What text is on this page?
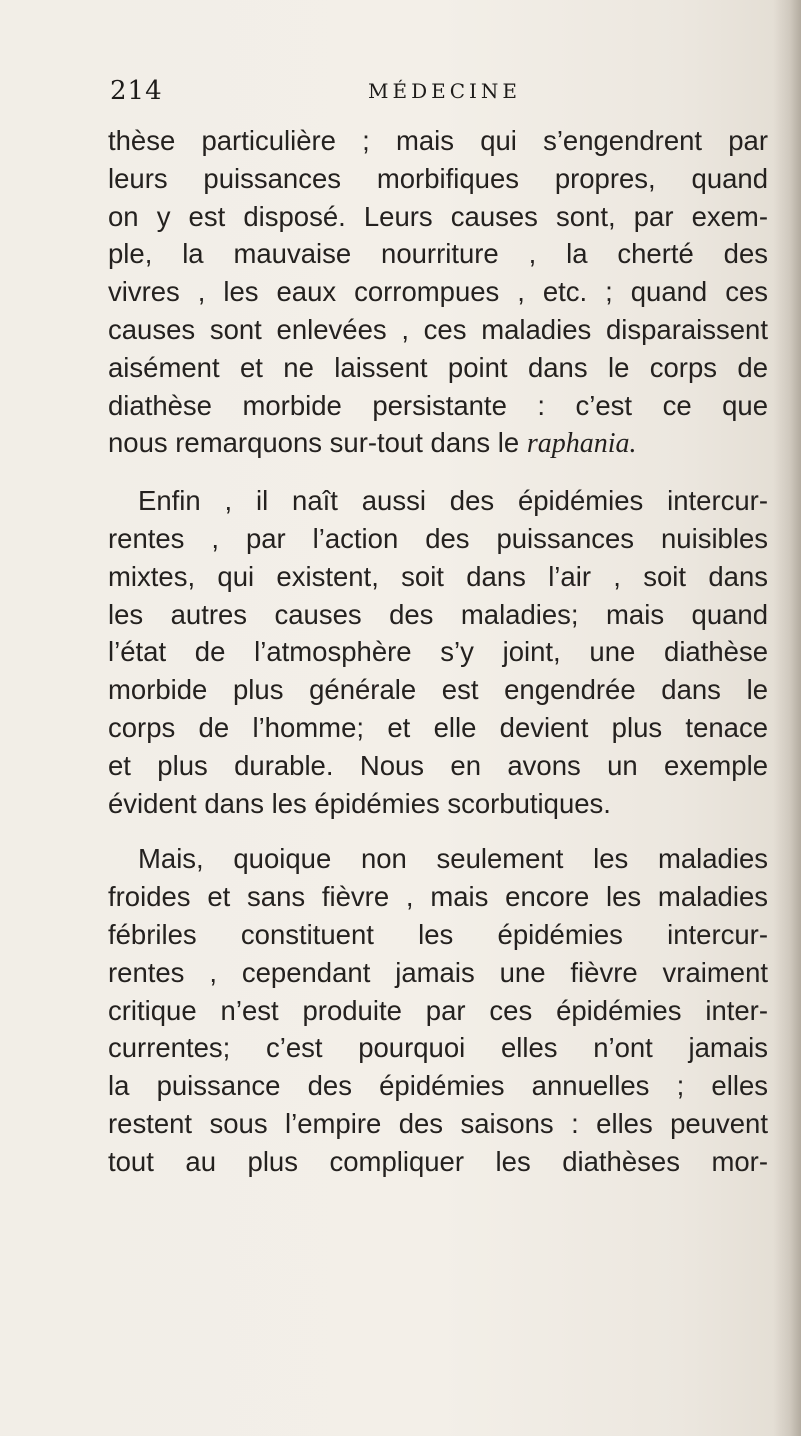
214	MÉDECINE
thèse particulière ; mais qui s’engendrent par
leurs puissances morbifiques propres, quand
on y est disposé. Leurs causes sont, par exem-
ple, la mauvaise nourriture , la cherté des
vivres , les eaux corrompues , etc. ; quand ces
causes sont enlevées , ces maladies disparaissent
aisément et ne laissent point dans le corps de
diathèse morbide persistante : c’est ce que
nous remarquons sur-tout dans le raphania.
Enfin , il naît aussi des épidémies intercur-
rentes , par l’action des puissances nuisibles
mixtes, qui existent, soit dans l’air , soit dans
les autres causes des maladies; mais quand
l’état de l’atmosphère s’y joint, une diathèse
morbide plus générale est engendrée dans le
corps de l’homme; et elle devient plus tenace
et plus durable. Nous en avons un exemple
évident dans les épidémies scorbutiques.
Mais, quoique non seulement les maladies
froides et sans fièvre , mais encore les maladies
fébriles constituent les épidémies intercur-
rentes , cependant jamais une fièvre vraiment
critique n’est produite par ces épidémies inter-
currentes; c’est pourquoi elles n’ont jamais
la puissance des épidémies annuelles ; elles
restent sous l’empire des saisons : elles peuvent
tout au plus compliquer les diathèses mor-
